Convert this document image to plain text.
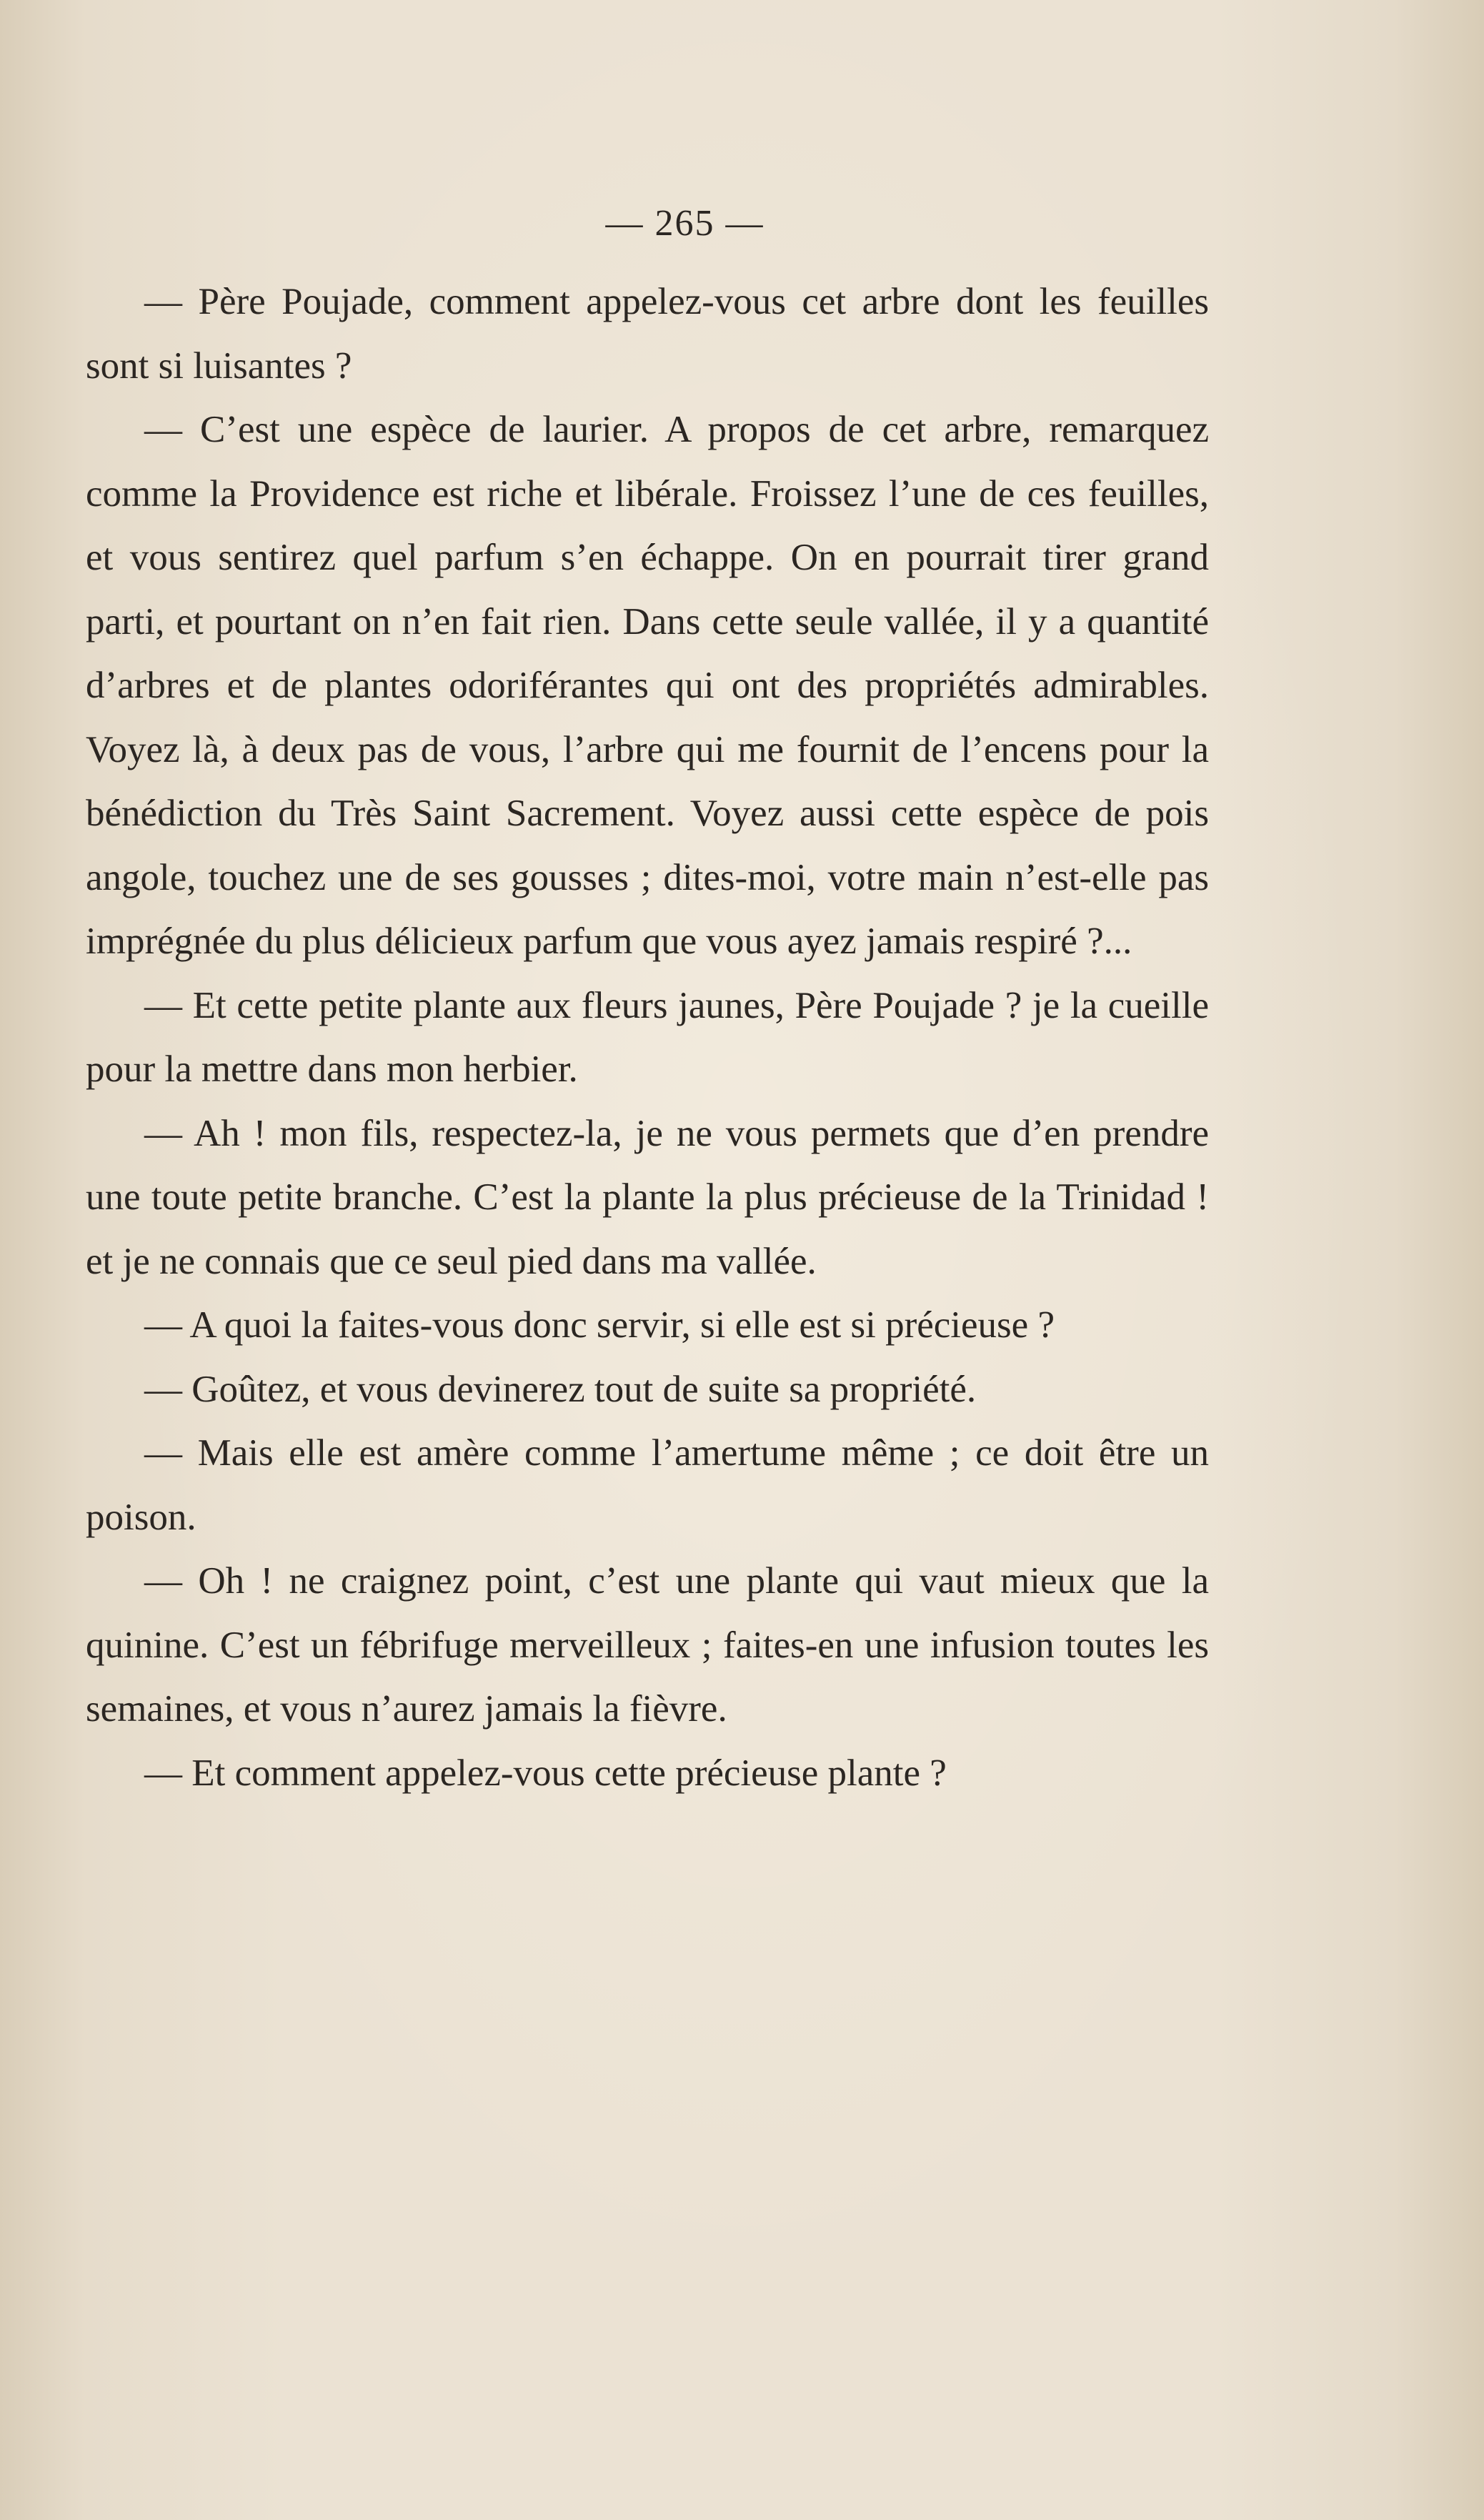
— 265 —

— Père Poujade, comment appelez-vous cet arbre dont les feuilles sont si luisantes ?

— C’est une espèce de laurier. A propos de cet arbre, remarquez comme la Providence est riche et libérale. Froissez l’une de ces feuilles, et vous sentirez quel parfum s’en échappe. On en pourrait tirer grand parti, et pourtant on n’en fait rien. Dans cette seule vallée, il y a quantité d’arbres et de plantes odoriférantes qui ont des propriétés admirables. Voyez là, à deux pas de vous, l’arbre qui me fournit de l’encens pour la bénédiction du Très Saint Sacrement. Voyez aussi cette espèce de pois angole, touchez une de ses gousses ; dites-moi, votre main n’est-elle pas imprégnée du plus délicieux parfum que vous ayez jamais respiré ?...

— Et cette petite plante aux fleurs jaunes, Père Poujade ? je la cueille pour la mettre dans mon herbier.

— Ah ! mon fils, respectez-la, je ne vous permets que d’en prendre une toute petite branche. C’est la plante la plus précieuse de la Trinidad ! et je ne connais que ce seul pied dans ma vallée.

— A quoi la faites-vous donc servir, si elle est si précieuse ?

— Goûtez, et vous devinerez tout de suite sa propriété.

— Mais elle est amère comme l’amertume même ; ce doit être un poison.

— Oh ! ne craignez point, c’est une plante qui vaut mieux que la quinine. C’est un fébrifuge merveilleux ; faites-en une infusion toutes les semaines, et vous n’aurez jamais la fièvre.

— Et comment appelez-vous cette précieuse plante ?
